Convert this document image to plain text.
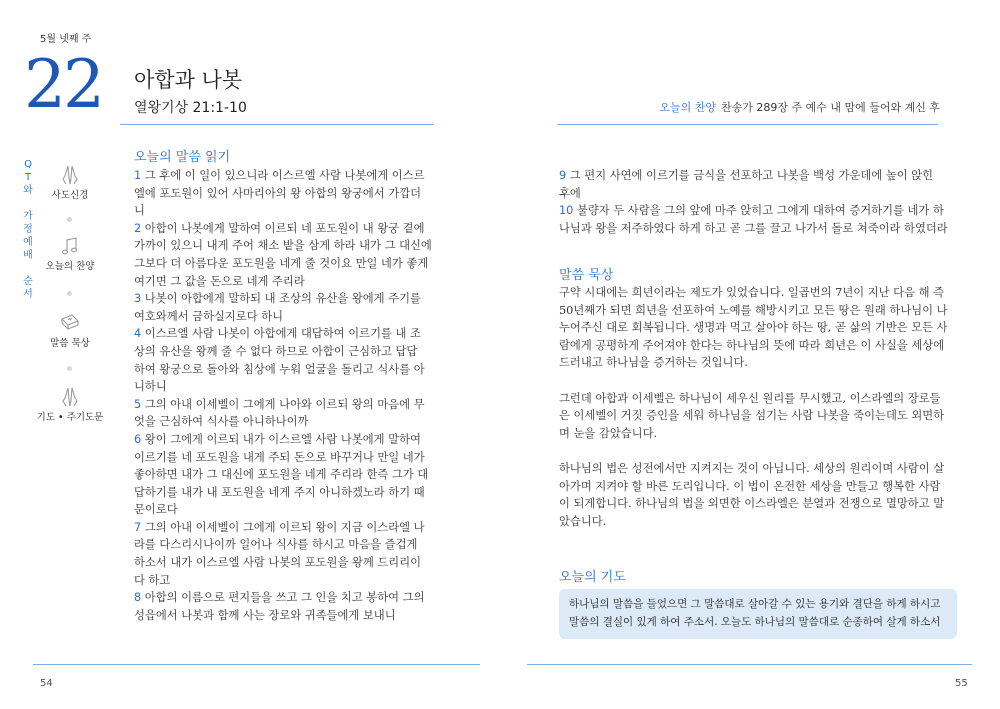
5월 넷째 주
22 아합과 나봇
열왕기상 21:1-10	오늘의 찬양 찬송가 289장 주 예수 내 맘에 들어와 계신 후
Q
T
와
가
정
예
배
순
서
사도신경
오늘의 찬양
말씀 묵상
기도 • 주기도문
오늘의 말씀 읽기
1 그 후에 이 일이 있으니라 이스르엘 사람 나봇에게 이스르
엘에 포도원이 있어 사마리아의 왕 아합의 왕궁에서 가깝더
니
2 아합이 나봇에게 말하여 이르되 네 포도원이 내 왕궁 곁에
가까이 있으니 내게 주어 채소 밭을 삼게 하라 내가 그 대신에
그보다 더 아름다운 포도원을 네게 줄 것이요 만일 네가 좋게
여기면 그 값을 돈으로 네게 주리라
3 나봇이 아합에게 말하되 내 조상의 유산을 왕에게 주기를
여호와께서 금하실지로다 하니
4 이스르엘 사람 나봇이 아합에게 대답하여 이르기를 내 조
상의 유산을 왕께 줄 수 없다 하므로 아합이 근심하고 답답
하여 왕궁으로 돌아와 침상에 누워 얼굴을 돌리고 식사를 아
니하니
5 그의 아내 이세벨이 그에게 나아와 이르되 왕의 마음에 무
엇을 근심하여 식사를 아니하나이까
6 왕이 그에게 이르되 내가 이스르엘 사람 나봇에게 말하여
이르기를 네 포도원을 내게 주되 돈으로 바꾸거나 만일 네가
좋아하면 내가 그 대신에 포도원을 네게 주리라 한즉 그가 대
답하기를 내가 내 포도원을 네게 주지 아니하겠노라 하기 때
문이로다
7 그의 아내 이세벨이 그에게 이르되 왕이 지금 이스라엘 나
라를 다스리시나이까 일어나 식사를 하시고 마음을 즐겁게
하소서 내가 이스르엘 사람 나봇의 포도원을 왕께 드리리이
다 하고
8 아합의 이름으로 편지들을 쓰고 그 인을 치고 봉하여 그의
성읍에서 나봇과 함께 사는 장로와 귀족들에게 보내니
9 그 편지 사연에 이르기를 금식을 선포하고 나봇을 백성 가운데에 높이 앉힌
후에
10 불량자 두 사람을 그의 앞에 마주 앉히고 그에게 대하여 증거하기를 네가 하
나님과 왕을 저주하였다 하게 하고 곧 그를 끌고 나가서 돌로 쳐죽이라 하였더라
말씀 묵상
구약 시대에는 희년이라는 제도가 있었습니다. 일곱번의 7년이 지난 다음 해 즉
50년째가 되면 희년을 선포하여 노예를 해방시키고 모든 땅은 원래 하나님이 나
누어주신 대로 회복됩니다. 생명과 먹고 살아야 하는 땅, 곧 삶의 기반은 모든 사
람에게 공평하게 주어져야 한다는 하나님의 뜻에 따라 희년은 이 사실을 세상에
드러내고 하나님을 증거하는 것입니다.
그런데 아합과 이세벨은 하나님이 세우신 원리를 무시했고, 이스라엘의 장로들
은 이세벨이 거짓 증인을 세워 하나님을 섬기는 사람 나봇을 죽이는데도 외면하
며 눈을 감았습니다.
하나님의 법은 성전에서만 지켜지는 것이 아닙니다. 세상의 원리이며 사람이 살
아가며 지켜야 할 바른 도리입니다. 이 법이 온전한 세상을 만들고 행복한 사람
이 되게합니다. 하나님의 법을 외면한 이스라엘은 분열과 전쟁으로 멸망하고 말
았습니다.
오늘의 기도
하나님의 말씀을 들었으면 그 말씀대로 살아갈 수 있는 용기와 결단을 하게 하시고
말씀의 결실이 있게 하여 주소서. 오늘도 하나님의 말씀대로 순종하여 살게 하소서
54	55
